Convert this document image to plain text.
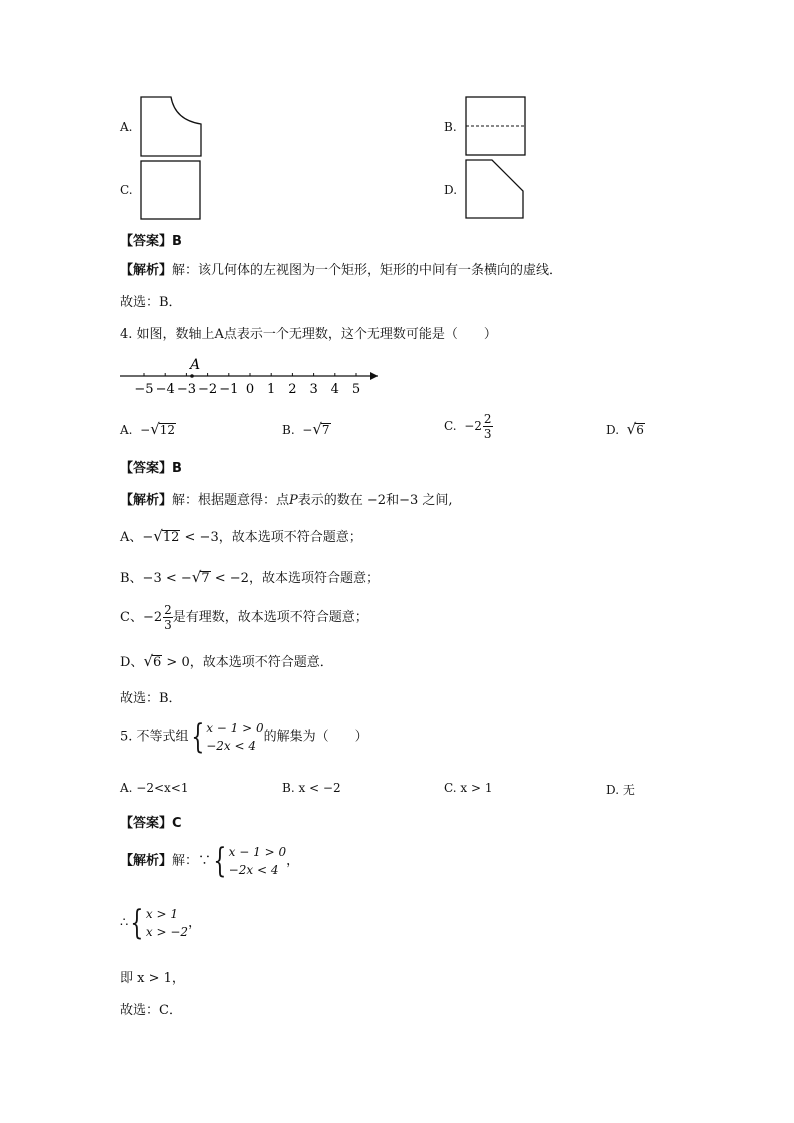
A.	B.
C.	D.
【答案】B
【解析】解：该几何体的左视图为一个矩形，矩形的中间有一条横向的虚线．
故选：B．
4. 如图，数轴上A点表示一个无理数，这个无理数可能是（　　）
A
−5 −4 −3 −2 −1 0 1 2 3 4 5
A. −√12	B. −√7	C. $-2 \frac{2}{3}$	D. √6
【答案】B
【解析】解：根据题意得：点P表示的数在 −2和−3 之间,
A、−√12 < −3，故本选项不符合题意；
B、−3 < −√7 < −2，故本选项符合题意；
C、$-2 \frac{2}{3}$ 是有理数，故本选项不符合题意；
D、√6 > 0，故本选项不符合题意．
故选：B．
5. 不等式组{ x − 1 > 0
−2x < 4
的解集为（　　）
A. −2<x<1	B. x < −2	C. x > 1	D. 无
【答案】C
【解析】解：∵{ x − 1 > 0
−2x < 4
，
∴{ x > 1
x > −2
，
即 x > 1，
故选：C．
